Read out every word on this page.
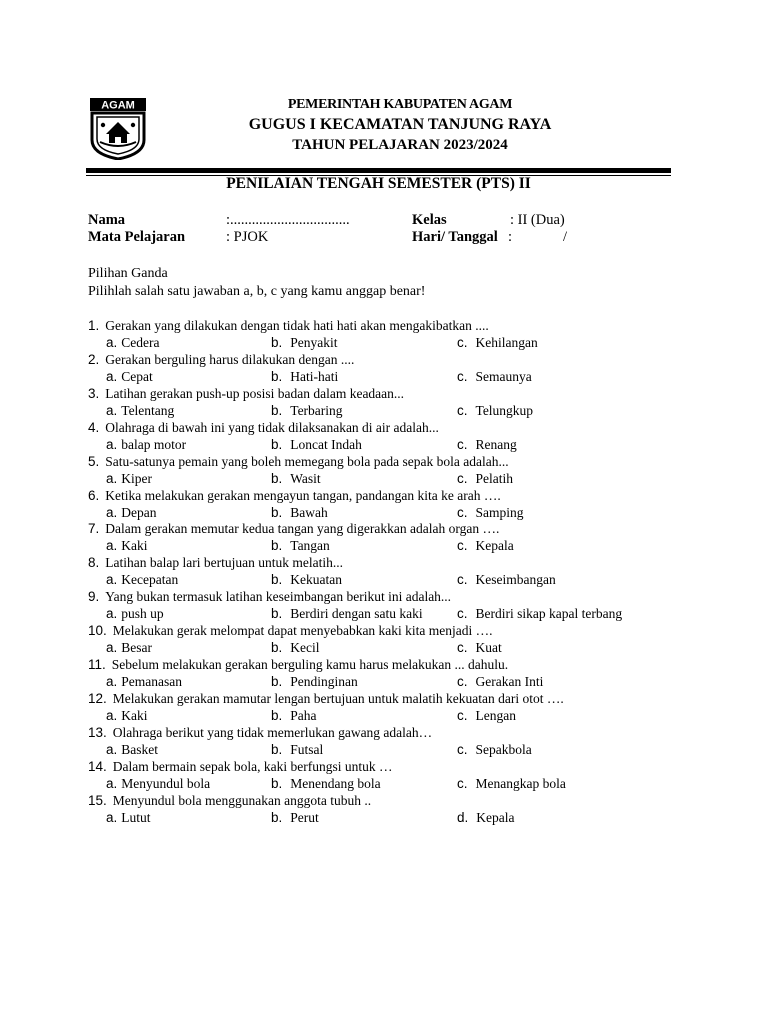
AGAM	PEMERINTAH KABUPATEN AGAM
GUGUS I KECAMATAN TANJUNG RAYA
TAHUN PELAJARAN 2023/2024
PENILAIAN TENGAH SEMESTER (PTS) II
Nama	:.................................
Mata Pelajaran	: PJOK
Kelas	: II (Dua)
Hari/ Tanggal :	/
Pilihan Ganda
Pilihlah salah satu jawaban a, b, c yang kamu anggap benar!
1. Gerakan yang dilakukan dengan tidak hati hati akan mengakibatkan ....
a. Cedera	b. Penyakit	c. Kehilangan
2. Gerakan berguling harus dilakukan dengan ....
a. Cepat	b. Hati-hati	c. Semaunya
3. Latihan gerakan push-up posisi badan dalam keadaan...
a. Telentang	b. Terbaring	c. Telungkup
4. Olahraga di bawah ini yang tidak dilaksanakan di air adalah...
a. balap motor	b. Loncat Indah	c. Renang
5. Satu-satunya pemain yang boleh memegang bola pada sepak bola adalah...
a. Kiper	b. Wasit	c. Pelatih
6. Ketika melakukan gerakan mengayun tangan, pandangan kita ke arah ….
a. Depan	b. Bawah	c. Samping
7. Dalam gerakan memutar kedua tangan yang digerakkan adalah organ ….
a. Kaki	b. Tangan	c. Kepala
8. Latihan balap lari bertujuan untuk melatih...
a. Kecepatan	b. Kekuatan	c. Keseimbangan
9. Yang bukan termasuk latihan keseimbangan berikut ini adalah...
a. push up	b. Berdiri dengan satu kaki	c. Berdiri sikap kapal terbang
10. Melakukan gerak melompat dapat menyebabkan kaki kita menjadi ….
a. Besar	b. Kecil	c. Kuat
11. Sebelum melakukan gerakan berguling kamu harus melakukan ... dahulu.
a. Pemanasan	b. Pendinginan	c. Gerakan Inti
12. Melakukan gerakan mamutar lengan bertujuan untuk malatih kekuatan dari otot ….
a. Kaki	b. Paha	c. Lengan
13. Olahraga berikut yang tidak memerlukan gawang adalah…
a. Basket	b. Futsal	c. Sepakbola
14. Dalam bermain sepak bola, kaki berfungsi untuk …
a. Menyundul bola	b. Menendang bola	c. Menangkap bola
15. Menyundul bola menggunakan anggota tubuh ..
a. Lutut	b. Perut	d. Kepala
